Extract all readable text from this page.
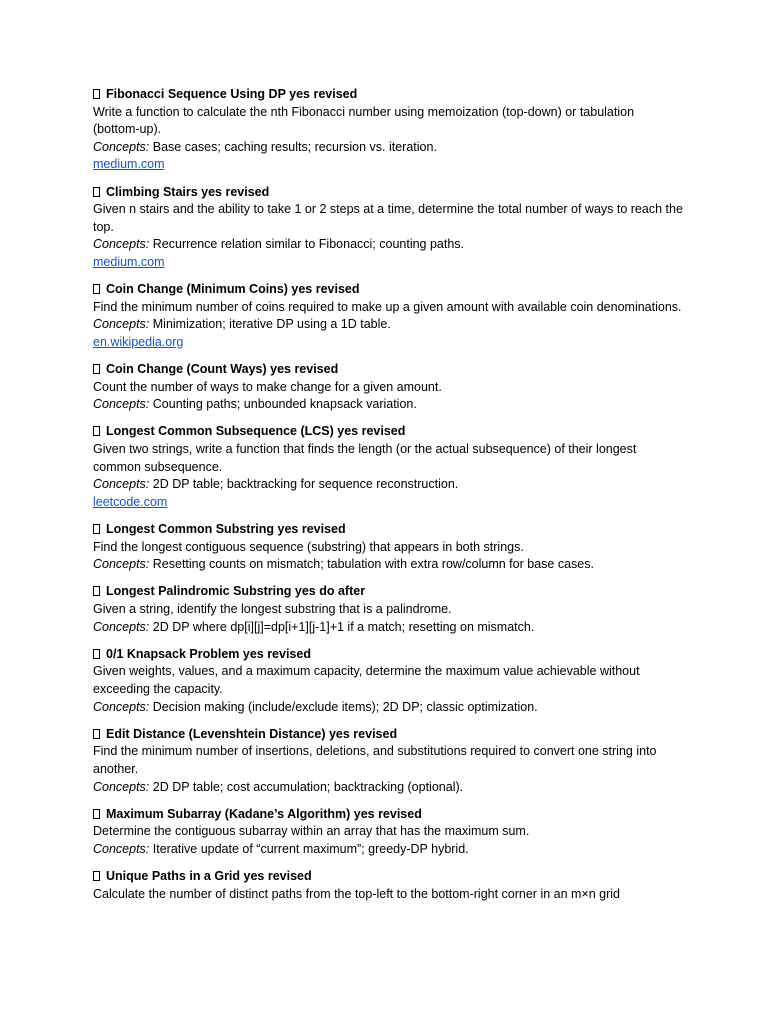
Fibonacci Sequence Using DP yes revised
Write a function to calculate the nth Fibonacci number using memoization (top-down) or tabulation (bottom-up).
Concepts: Base cases; caching results; recursion vs. iteration.
medium.com
Climbing Stairs yes revised
Given n stairs and the ability to take 1 or 2 steps at a time, determine the total number of ways to reach the top.
Concepts: Recurrence relation similar to Fibonacci; counting paths.
medium.com
Coin Change (Minimum Coins) yes revised
Find the minimum number of coins required to make up a given amount with available coin denominations.
Concepts: Minimization; iterative DP using a 1D table.
en.wikipedia.org
Coin Change (Count Ways) yes revised
Count the number of ways to make change for a given amount.
Concepts: Counting paths; unbounded knapsack variation.
Longest Common Subsequence (LCS) yes revised
Given two strings, write a function that finds the length (or the actual subsequence) of their longest common subsequence.
Concepts: 2D DP table; backtracking for sequence reconstruction.
leetcode.com
Longest Common Substring yes revised
Find the longest contiguous sequence (substring) that appears in both strings.
Concepts: Resetting counts on mismatch; tabulation with extra row/column for base cases.
Longest Palindromic Substring yes do after
Given a string, identify the longest substring that is a palindrome.
Concepts: 2D DP where dp[i][j]=dp[i+1][j-1]+1 if a match; resetting on mismatch.
0/1 Knapsack Problem yes revised
Given weights, values, and a maximum capacity, determine the maximum value achievable without exceeding the capacity.
Concepts: Decision making (include/exclude items); 2D DP; classic optimization.
Edit Distance (Levenshtein Distance) yes revised
Find the minimum number of insertions, deletions, and substitutions required to convert one string into another.
Concepts: 2D DP table; cost accumulation; backtracking (optional).
Maximum Subarray (Kadane’s Algorithm) yes revised
Determine the contiguous subarray within an array that has the maximum sum.
Concepts: Iterative update of “current maximum”; greedy-DP hybrid.
Unique Paths in a Grid yes revised
Calculate the number of distinct paths from the top-left to the bottom-right corner in an m×n grid
